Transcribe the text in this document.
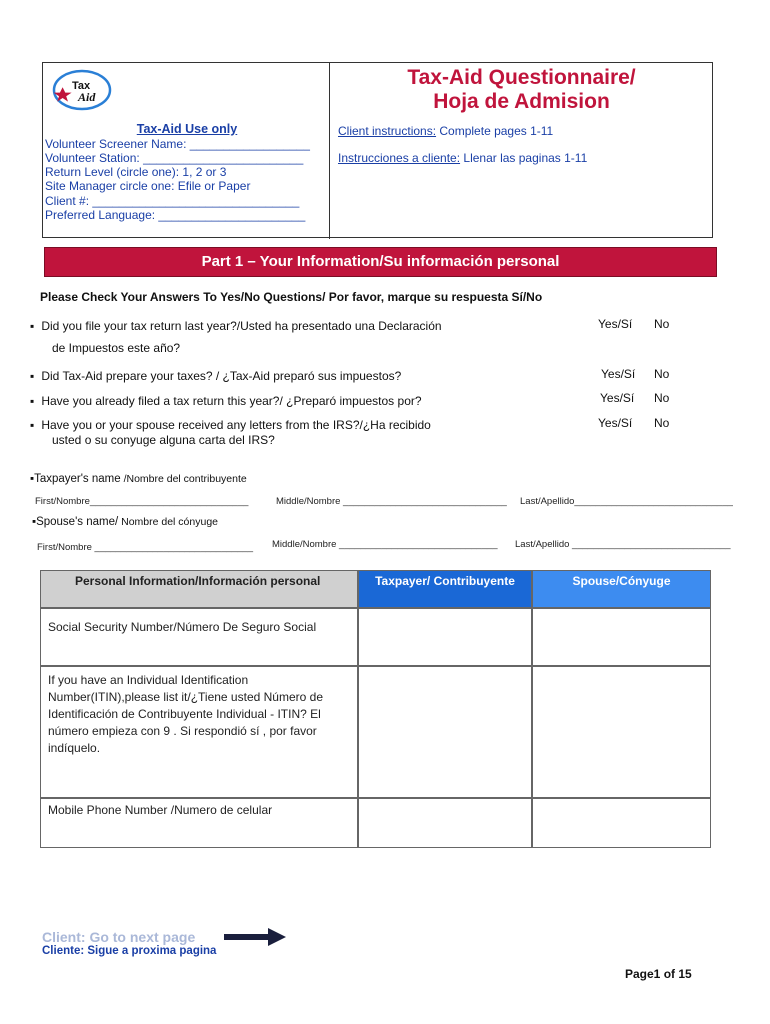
Tax
Aid
Tax-Aid Questionnaire/
Hoja de Admision
Tax-Aid Use only
Volunteer Screener Name: __________________
Volunteer Station: ________________________
Return Level (circle one): 1, 2 or 3
Site Manager circle one: Efile or Paper
Client #: _______________________________
Preferred Language: ______________________
Client instructions: Complete pages 1-11
Instrucciones a cliente: Llenar las paginas 1-11
Part 1 – Your Information/Su información personal
Please Check Your Answers To Yes/No Questions/ Por favor, marque su respuesta Sí/No
▪ Did you file your tax return last year?/Usted ha presentado una Declaración
de Impuestos este año?
Yes/Sí No
▪ Did Tax-Aid prepare your taxes? / ¿Tax-Aid preparó sus impuestos?	Yes/Sí No
▪ Have you already filed a tax return this year?/ ¿Preparó impuestos por?	Yes/Sí No
▪ Have you or your spouse received any letters from the IRS?/¿Ha recibido
usted o su conyuge alguna carta del IRS?
Yes/Sí No
▪Taxpayer's name /Nombre del contribuyente
First/Nombre______________________________	Middle/Nombre _______________________________ Last/Apellido______________________________
▪Spouse's name/ Nombre del cónyuge
First/Nombre ______________________________ Middle/Nombre ______________________________ Last/Apellido ______________________________
Personal Information/Información personal	Taxpayer/ Contribuyente	Spouse/Cónyuge
Social Security Number/Número De Seguro Social
If you have an Individual Identification Number(ITIN),please list it/¿Tiene usted Número de Identificación de Contribuyente Individual - ITIN? El número empieza con 9 . Si respondió sí , por favor indíquelo.
Mobile Phone Number /Numero de celular
Client: Go to next page
Cliente: Sigue a proxima pagina
Page1 of 15
